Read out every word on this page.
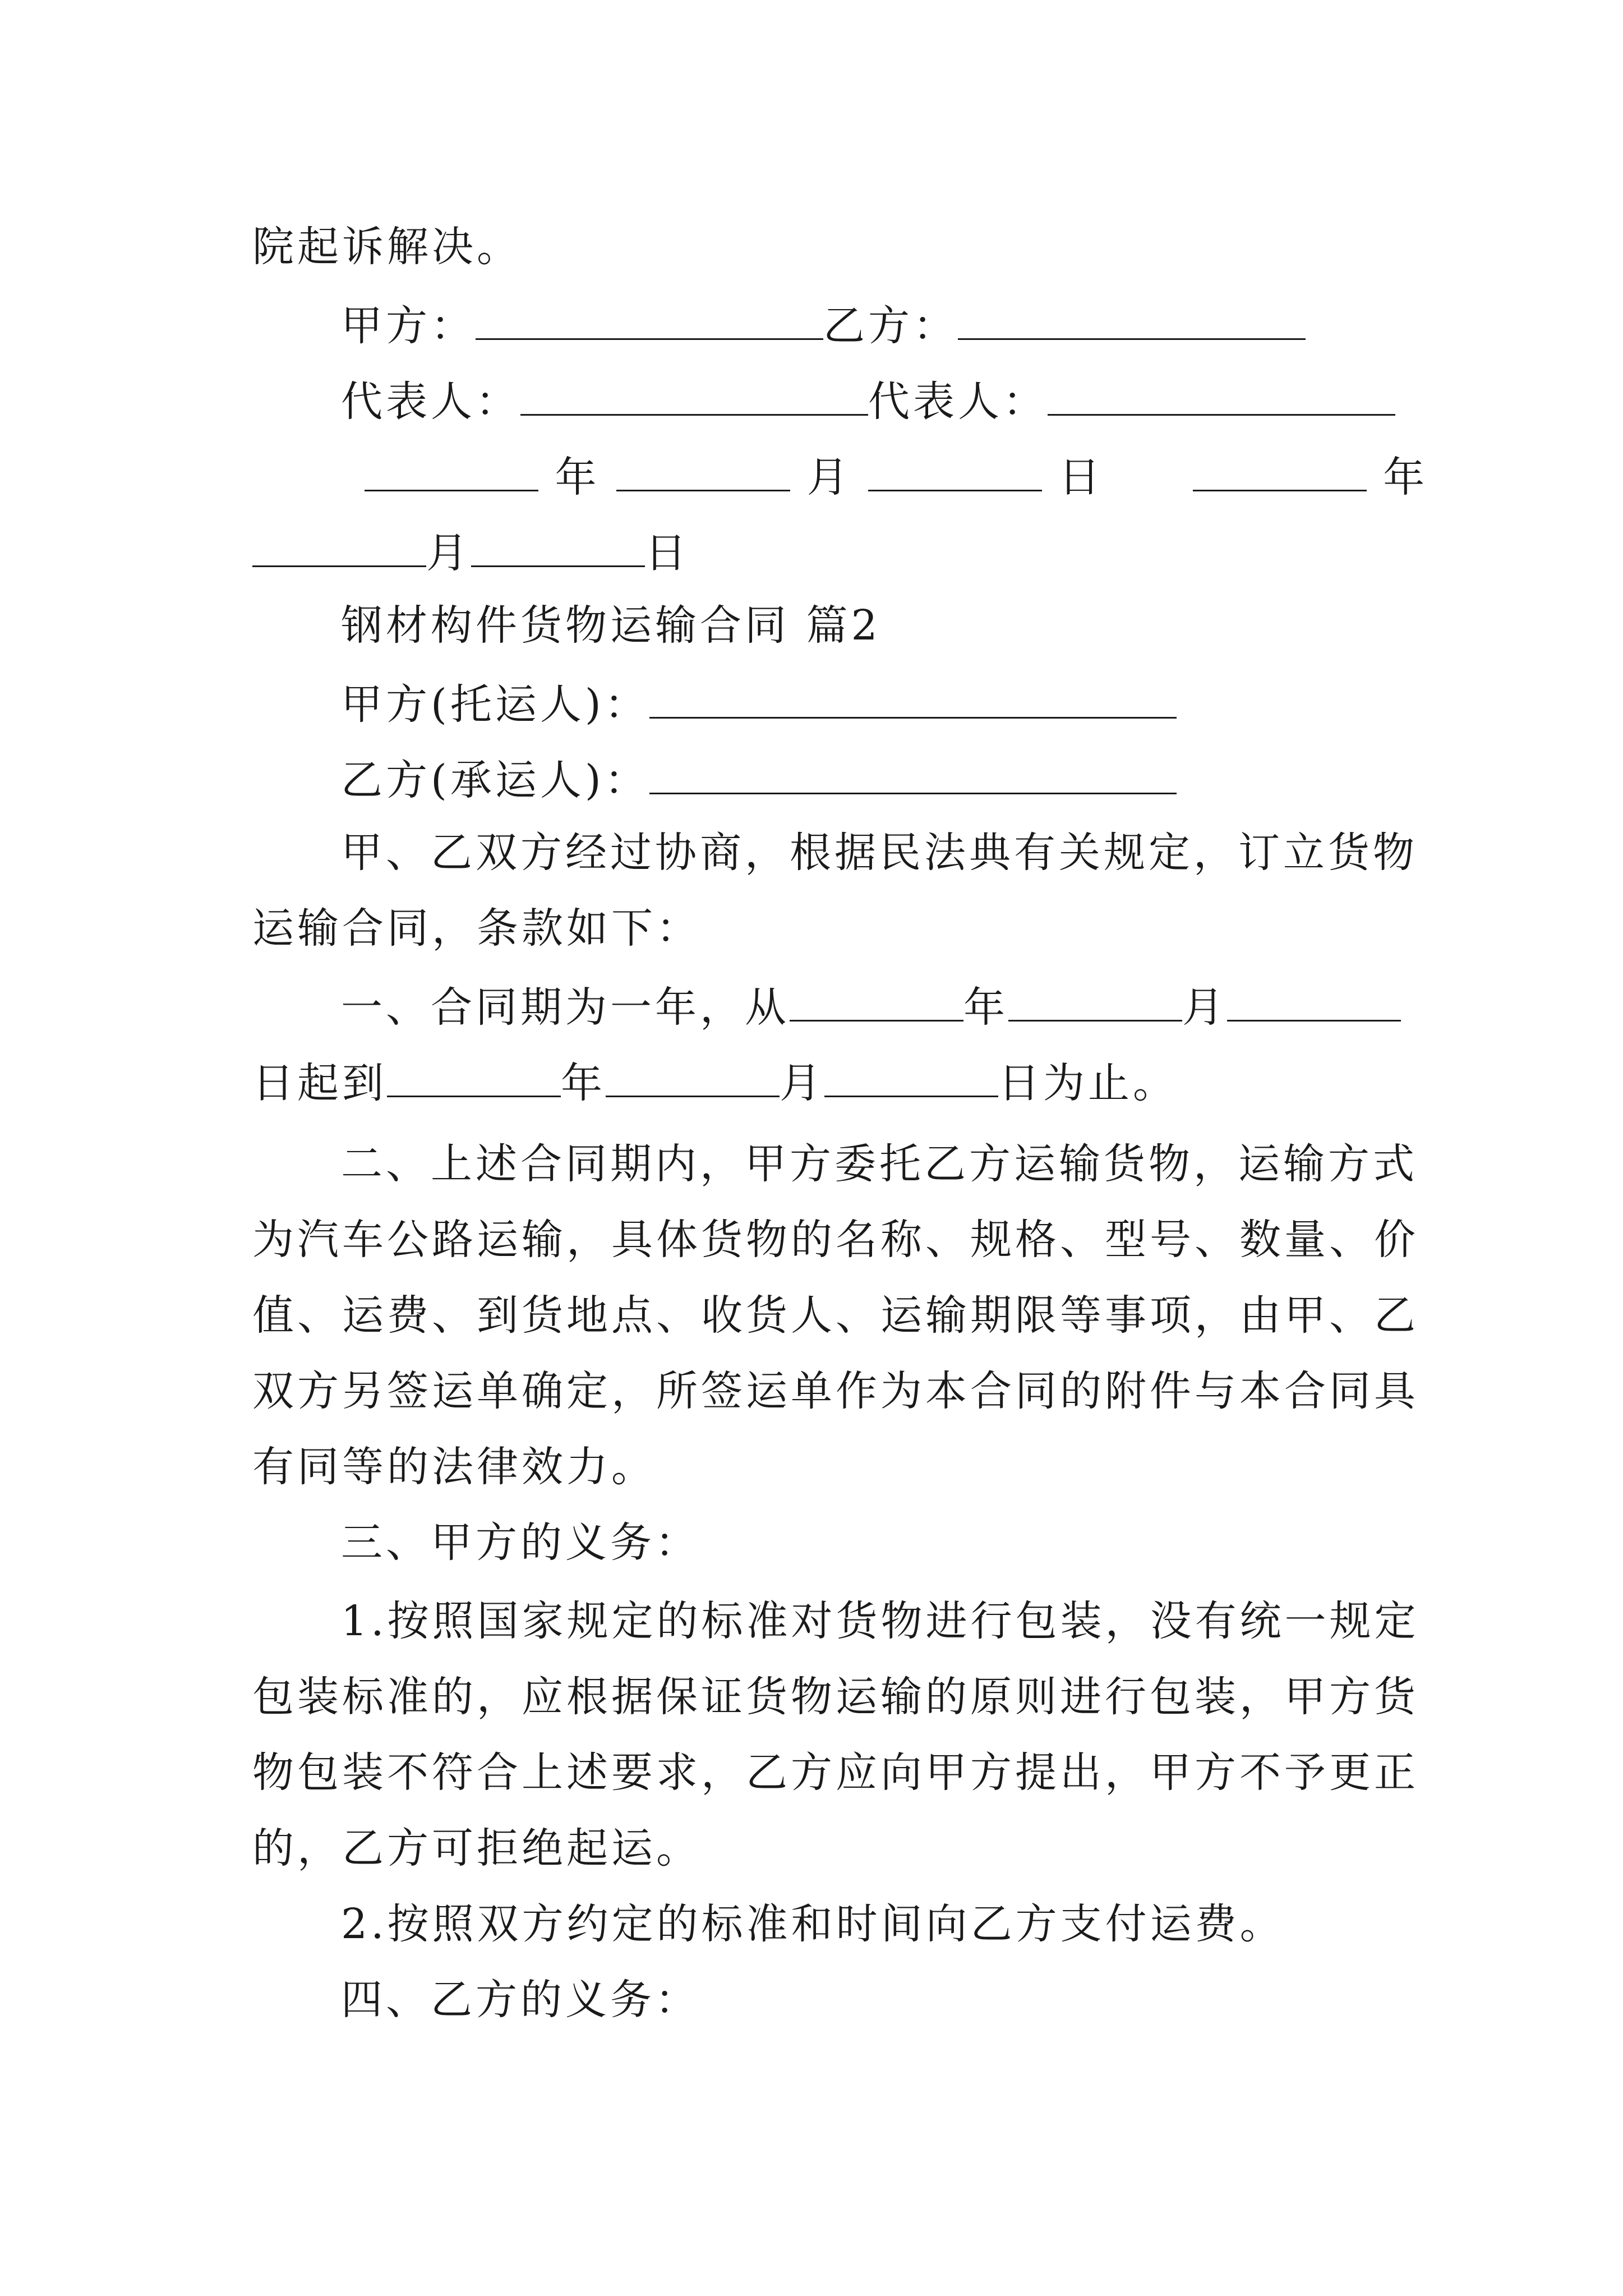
院起诉解决。
甲方：	乙方：
代表人：	代表人：
年	月	日	年
月	日
钢材构件货物运输合同 篇2
甲方(托运人)：
乙方(承运人)：
甲、乙双方经过协商，根据民法典有关规定，订立货物
运输合同，条款如下：
一、合同期为一年，从	年	月
日起到	年	月	日为止。
二、上述合同期内，甲方委托乙方运输货物，运输方式
为汽车公路运输，具体货物的名称、规格、型号、数量、价
值、运费、到货地点、收货人、运输期限等事项，由甲、乙
双方另签运单确定，所签运单作为本合同的附件与本合同具
有同等的法律效力。
三、甲方的义务：
1.按照国家规定的标准对货物进行包装，没有统一规定
包装标准的，应根据保证货物运输的原则进行包装，甲方货
物包装不符合上述要求，乙方应向甲方提出，甲方不予更正
的，乙方可拒绝起运。
2.按照双方约定的标准和时间向乙方支付运费。
四、乙方的义务：
